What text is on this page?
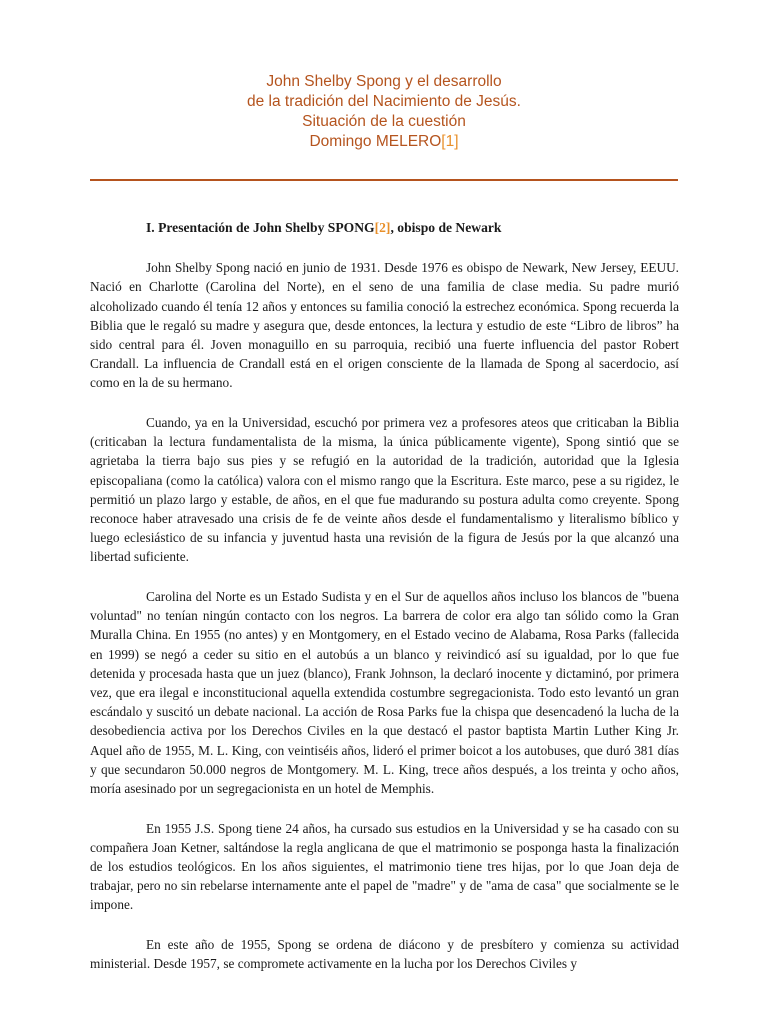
John Shelby Spong y el desarrollo
de la tradición del Nacimiento de Jesús.
Situación de la cuestión
Domingo MELERO[1]

I. Presentación de John Shelby SPONG[2], obispo de Newark

John Shelby Spong nació en junio de 1931. Desde 1976 es obispo de Newark, New Jersey, EEUU. Nació en Charlotte (Carolina del Norte), en el seno de una familia de clase media. Su padre murió alcoholizado cuando él tenía 12 años y entonces su familia conoció la estrechez económica. Spong recuerda la Biblia que le regaló su madre y asegura que, desde entonces, la lectura y estudio de este “Libro de libros” ha sido central para él. Joven monaguillo en su parroquia, recibió una fuerte influencia del pastor Robert Crandall. La influencia de Crandall está en el origen consciente de la llamada de Spong al sacerdocio, así como en la de su hermano.

Cuando, ya en la Universidad, escuchó por primera vez a profesores ateos que criticaban la Biblia (criticaban la lectura fundamentalista de la misma, la única públicamente vigente), Spong sintió que se agrietaba la tierra bajo sus pies y se refugió en la autoridad de la tradición, autoridad que la Iglesia episcopaliana (como la católica) valora con el mismo rango que la Escritura. Este marco, pese a su rigidez, le permitió un plazo largo y estable, de años, en el que fue madurando su postura adulta como creyente. Spong reconoce haber atravesado una crisis de fe de veinte años desde el fundamentalismo y literalismo bíblico y luego eclesiástico de su infancia y juventud hasta una revisión de la figura de Jesús por la que alcanzó una libertad suficiente.

Carolina del Norte es un Estado Sudista y en el Sur de aquellos años incluso los blancos de "buena voluntad" no tenían ningún contacto con los negros. La barrera de color era algo tan sólido como la Gran Muralla China. En 1955 (no antes) y en Montgomery, en el Estado vecino de Alabama, Rosa Parks (fallecida en 1999) se negó a ceder su sitio en el autobús a un blanco y reivindicó así su igualdad, por lo que fue detenida y procesada hasta que un juez (blanco), Frank Johnson, la declaró inocente y dictaminó, por primera vez, que era ilegal e inconstitucional aquella extendida costumbre segregacionista. Todo esto levantó un gran escándalo y suscitó un debate nacional. La acción de Rosa Parks fue la chispa que desencadenó la lucha de la desobediencia activa por los Derechos Civiles en la que destacó el pastor baptista Martin Luther King Jr. Aquel año de 1955, M. L. King, con veintiséis años, lideró el primer boicot a los autobuses, que duró 381 días y que secundaron 50.000 negros de Montgomery. M. L. King, trece años después, a los treinta y ocho años, moría asesinado por un segregacionista en un hotel de Memphis.

En 1955 J.S. Spong tiene 24 años, ha cursado sus estudios en la Universidad y se ha casado con su compañera Joan Ketner, saltándose la regla anglicana de que el matrimonio se posponga hasta la finalización de los estudios teológicos. En los años siguientes, el matrimonio tiene tres hijas, por lo que Joan deja de trabajar, pero no sin rebelarse internamente ante el papel de "madre" y de "ama de casa" que socialmente se le impone.

En este año de 1955, Spong se ordena de diácono y de presbítero y comienza su actividad ministerial. Desde 1957, se compromete activamente en la lucha por los Derechos Civiles y
